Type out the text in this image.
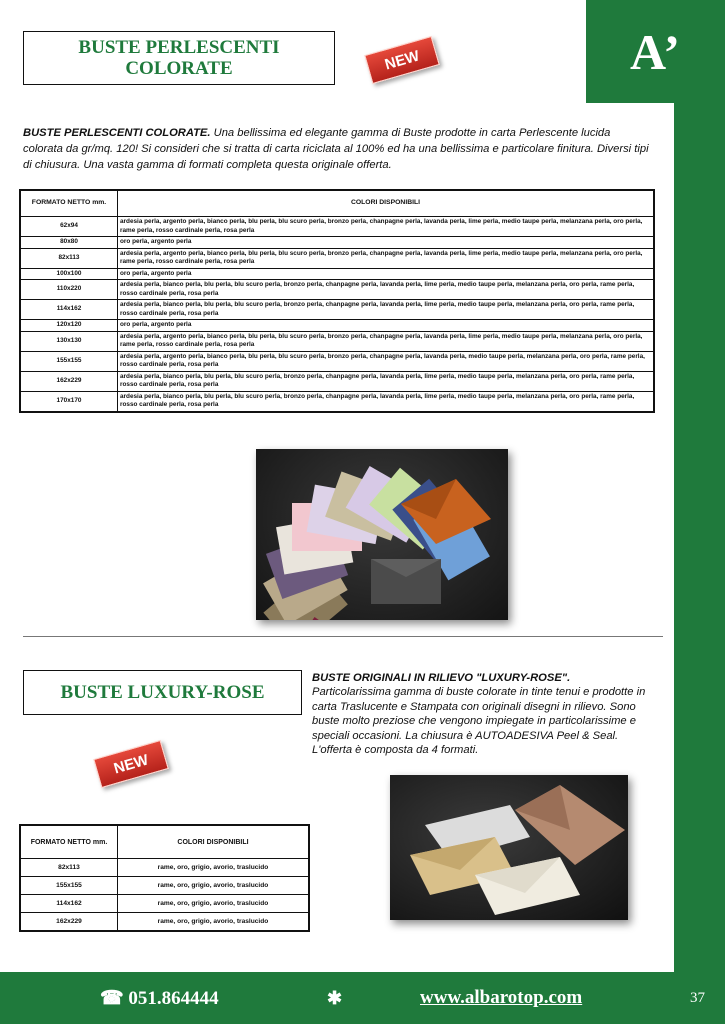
A’
BUSTE PERLESCENTI COLORATE	NEW
BUSTE PERLESCENTI COLORATE. Una bellissima ed elegante gamma di Buste prodotte in carta Perlescente lucida colorata da gr/mq. 120! Si consideri che si tratta di carta riciclata al 100% ed ha una bellissima e particolare finitura. Diversi tipi di chiusura. Una vasta gamma di formati completa questa originale offerta.
FORMATO NETTO mm.	COLORI DISPONIBILI
62x94	ardesia perla, argento perla, bianco perla, blu perla, blu scuro perla, bronzo perla, chanpagne perla, lavanda perla, lime perla, medio taupe perla, melanzana perla, oro perla, rame perla, rosso cardinale perla, rosa perla
80x80	oro perla, argento perla
82x113	ardesia perla, argento perla, bianco perla, blu perla, blu scuro perla, bronzo perla, chanpagne perla, lavanda perla, lime perla, medio taupe perla, melanzana perla, oro perla, rame perla, rosso cardinale perla, rosa perla
100x100	oro perla, argento perla
110x220	ardesia perla, bianco perla, blu perla, blu scuro perla, bronzo perla, chanpagne perla, lavanda perla, lime perla, medio taupe perla, melanzana perla, oro perla, rame perla, rosso cardinale perla, rosa perla
114x162	ardesia perla, bianco perla, blu perla, blu scuro perla, bronzo perla, chanpagne perla, lavanda perla, lime perla, medio taupe perla, melanzana perla, oro perla, rame perla, rosso cardinale perla, rosa perla
120x120	oro perla, argento perla
130x130	ardesia perla, argento perla, bianco perla, blu perla, blu scuro perla, bronzo perla, chanpagne perla, lavanda perla, lime perla, medio taupe perla, melanzana perla, oro perla, rame perla, rosso cardinale perla, rosa perla
155x155	ardesia perla, argento perla, bianco perla, blu perla, blu scuro perla, bronzo perla, chanpagne perla, lavanda perla, medio taupe perla, melanzana perla, oro perla, rame perla, rosso cardinale perla, rosa perla
162x229	ardesia perla, bianco perla, blu perla, blu scuro perla, bronzo perla, chanpagne perla, lavanda perla, lime perla, medio taupe perla, melanzana perla, oro perla, rame perla, rosso cardinale perla, rosa perla
170x170	ardesia perla, bianco perla, blu perla, blu scuro perla, bronzo perla, chanpagne perla, lavanda perla, lime perla, medio taupe perla, melanzana perla, oro perla, rame perla, rosso cardinale perla, rosa perla
BUSTE LUXURY-ROSE
NEW
BUSTE ORIGINALI IN RILIEVO "LUXURY-ROSE".
Particolarissima gamma di buste colorate in tinte tenui e prodotte in carta Traslucente e Stampata con originali disegni in rilievo. Sono buste molto preziose che vengono impiegate in particolarissime e speciali occasioni. La chiusura è AUTOADESIVA Peel & Seal. L'offerta è composta da 4 formati.
FORMATO NETTO mm.	COLORI DISPONIBILI
82x113	rame, oro, grigio, avorio, traslucido
155x155	rame, oro, grigio, avorio, traslucido
114x162	rame, oro, grigio, avorio, traslucido
162x229	rame, oro, grigio, avorio, traslucido
☎ 051.864444	✱	www.albarotop.com	37
